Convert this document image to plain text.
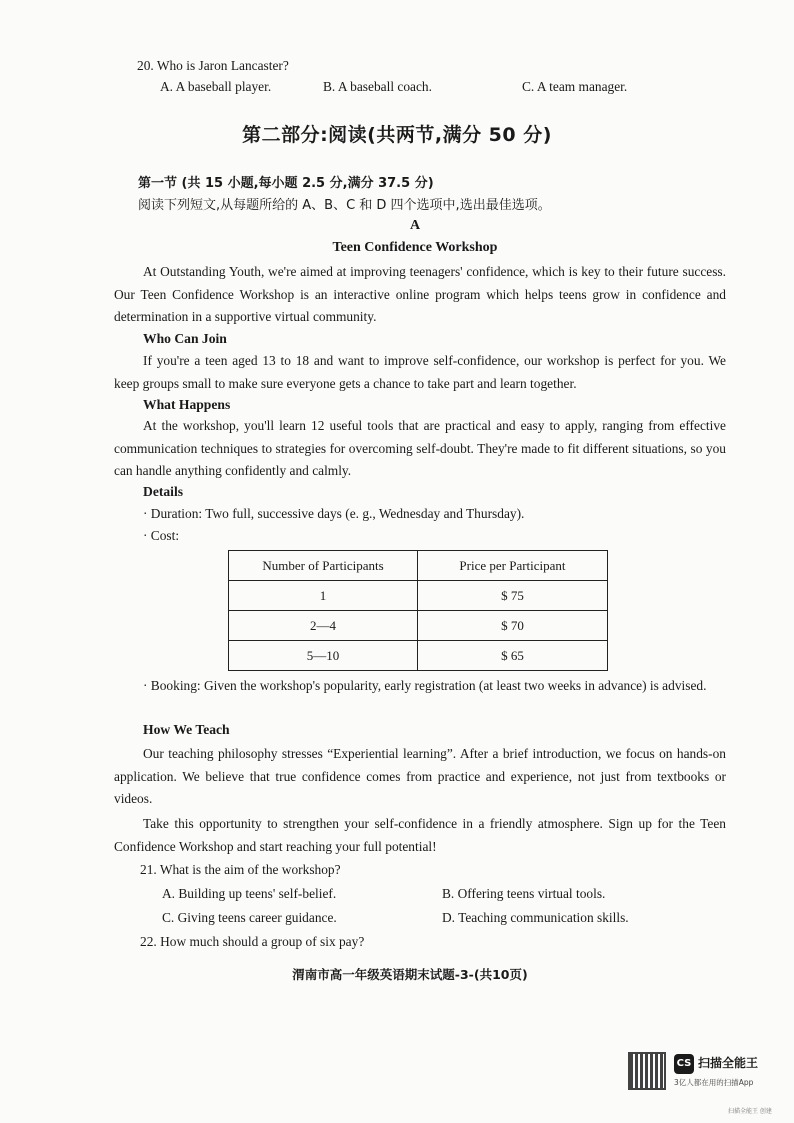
20. Who is Jaron Lancaster?
A. A baseball player.	B. A baseball coach.	C. A team manager.
第二部分:阅读(共两节,满分 50 分)
第一节 (共 15 小题,每小题 2.5 分,满分 37.5 分)
阅读下列短文,从每题所给的 A、B、C 和 D 四个选项中,选出最佳选项。
A
Teen Confidence Workshop

At Outstanding Youth, we're aimed at improving teenagers' confidence, which is key to their future success. Our Teen Confidence Workshop is an interactive online program which helps teens grow in confidence and determination in a supportive virtual community.

Who Can Join

If you're a teen aged 13 to 18 and want to improve self-confidence, our workshop is perfect for you. We keep groups small to make sure everyone gets a chance to take part and learn together.

What Happens

At the workshop, you'll learn 12 useful tools that are practical and easy to apply, ranging from effective communication techniques to strategies for overcoming self-doubt. They're made to fit different situations, so you can handle anything confidently and calmly.

Details
· Duration: Two full, successive days (e. g., Wednesday and Thursday).
· Cost:
Number of Participants	Price per Participant
1	$ 75
2—4	$ 70
5—10	$ 65

· Booking: Given the workshop's popularity, early registration (at least two weeks in advance) is advised.

How We Teach

Our teaching philosophy stresses “Experiential learning”. After a brief introduction, we focus on hands-on application. We believe that true confidence comes from practice and experience, not just from textbooks or videos.

Take this opportunity to strengthen your self-confidence in a friendly atmosphere. Sign up for the Teen Confidence Workshop and start reaching your full potential!

21. What is the aim of the workshop?
A. Building up teens' self-belief.	B. Offering teens virtual tools.
C. Giving teens career guidance.	D. Teaching communication skills.
22. How much should a group of six pay?
渭南市高一年级英语期末试题-3-(共10页)
CS 扫描全能王
3亿人都在用的扫描App
扫描全能王 创建
